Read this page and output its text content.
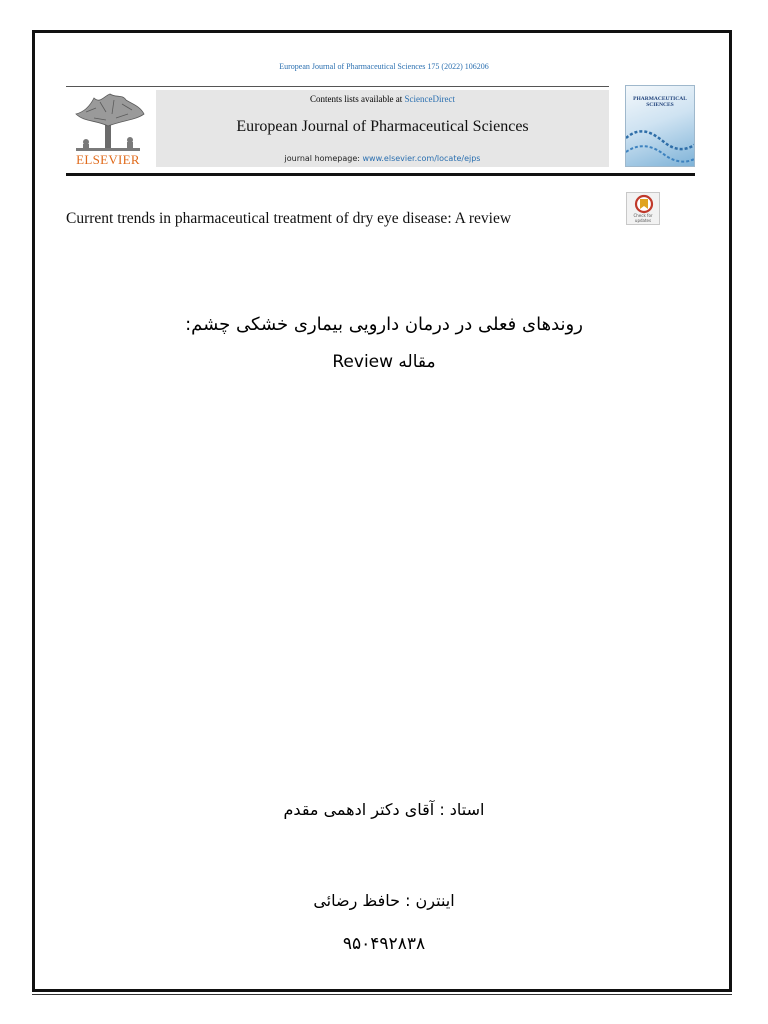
European Journal of Pharmaceutical Sciences 175 (2022) 106206
ELSEVIER
Contents lists available at ScienceDirect
European Journal of Pharmaceutical Sciences
journal homepage: www.elsevier.com/locate/ejps
PHARMACEUTICAL SCIENCES
Current trends in pharmaceutical treatment of dry eye disease: A review	Check for updates
روندهای فعلی در درمان دارویی بیماری خشکی چشم:
مقاله Review
استاد : آقای دکتر ادهمی مقدم
اینترن : حافظ رضائی
۹۵۰۴۹۲۸۳۸
